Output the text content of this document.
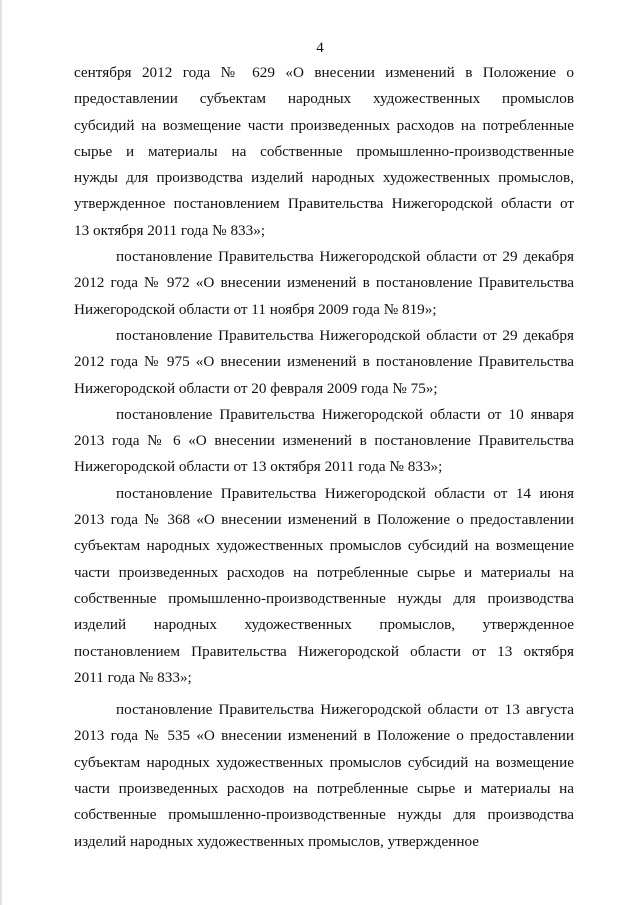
4
сентября 2012 года № 629 «О внесении изменений в Положение о
предоставлении субъектам народных художественных промыслов
субсидий на возмещение части произведенных расходов на потребленные
сырье и материалы на собственные промышленно-производственные
нужды для производства изделий народных художественных промыслов,
утвержденное постановлением Правительства Нижегородской области от
13 октября 2011 года № 833»;
постановление Правительства Нижегородской области от 29 декабря
2012 года № 972 «О внесении изменений в постановление Правительства
Нижегородской области от 11 ноября 2009 года № 819»;
постановление Правительства Нижегородской области от 29 декабря
2012 года № 975 «О внесении изменений в постановление Правительства
Нижегородской области от 20 февраля 2009 года № 75»;
постановление Правительства Нижегородской области от 10 января
2013 года № 6 «О внесении изменений в постановление Правительства
Нижегородской области от 13 октября 2011 года № 833»;
постановление Правительства Нижегородской области от 14 июня
2013 года № 368 «О внесении изменений в Положение о предоставлении
субъектам народных художественных промыслов субсидий на возмещение
части произведенных расходов на потребленные сырье и материалы на
собственные промышленно-производственные нужды для производства
изделий народных художественных промыслов, утвержденное
постановлением Правительства Нижегородской области от 13 октября
2011 года № 833»;
постановление Правительства Нижегородской области от 13 августа
2013 года № 535 «О внесении изменений в Положение о предоставлении
субъектам народных художественных промыслов субсидий на возмещение
части произведенных расходов на потребленные сырье и материалы на
собственные промышленно-производственные нужды для производства
изделий народных художественных промыслов, утвержденное
